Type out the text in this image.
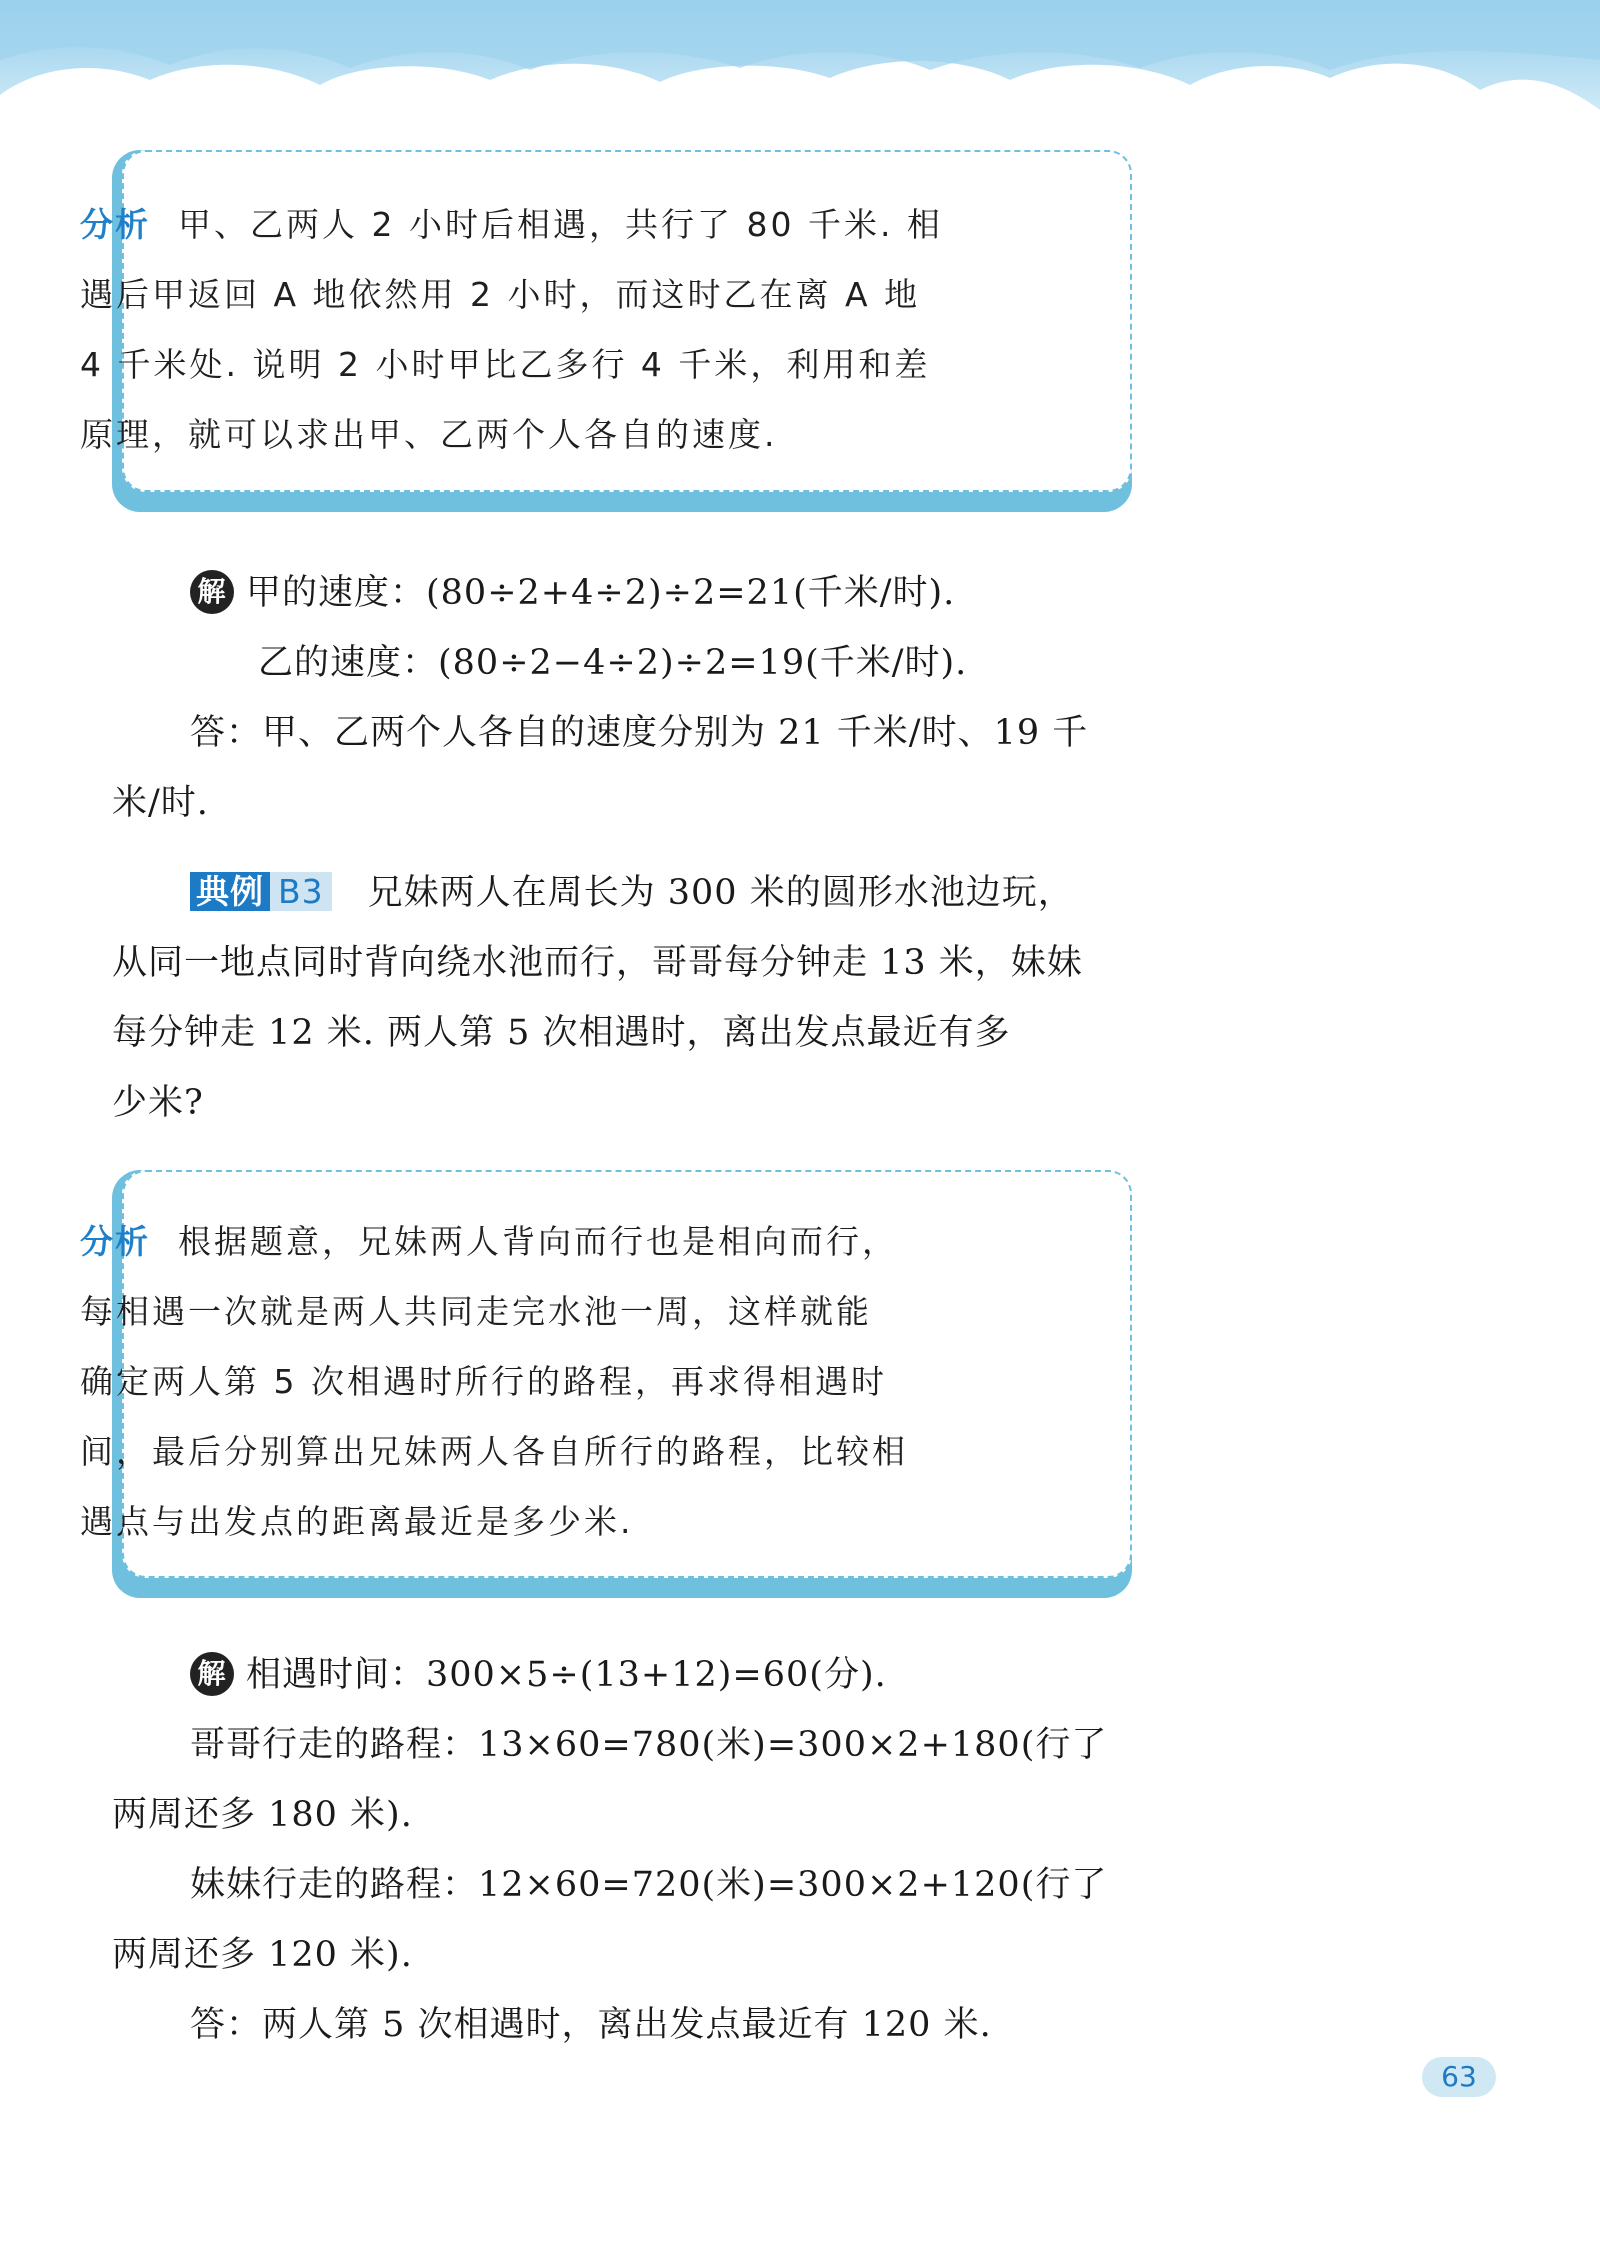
分析 甲、乙两人 2 小时后相遇，共行了 80 千米. 相
遇后甲返回 A 地依然用 2 小时，而这时乙在离 A 地
4 千米处. 说明 2 小时甲比乙多行 4 千米，利用和差
原理，就可以求出甲、乙两个人各自的速度.
解 甲的速度：(80÷2+4÷2)÷2=21(千米/时).
乙的速度：(80÷2−4÷2)÷2=19(千米/时).
答：甲、乙两个人各自的速度分别为 21 千米/时、19 千
米/时.
典例 B3 兄妹两人在周长为 300 米的圆形水池边玩，
从同一地点同时背向绕水池而行，哥哥每分钟走 13 米，妹妹
每分钟走 12 米. 两人第 5 次相遇时，离出发点最近有多
少米?
分析 根据题意，兄妹两人背向而行也是相向而行，
每相遇一次就是两人共同走完水池一周，这样就能
确定两人第 5 次相遇时所行的路程，再求得相遇时
间，最后分别算出兄妹两人各自所行的路程，比较相
遇点与出发点的距离最近是多少米.
解 相遇时间：300×5÷(13+12)=60(分).
哥哥行走的路程：13×60=780(米)=300×2+180(行了
两周还多 180 米).
妹妹行走的路程：12×60=720(米)=300×2+120(行了
两周还多 120 米).
答：两人第 5 次相遇时，离出发点最近有 120 米.
63
